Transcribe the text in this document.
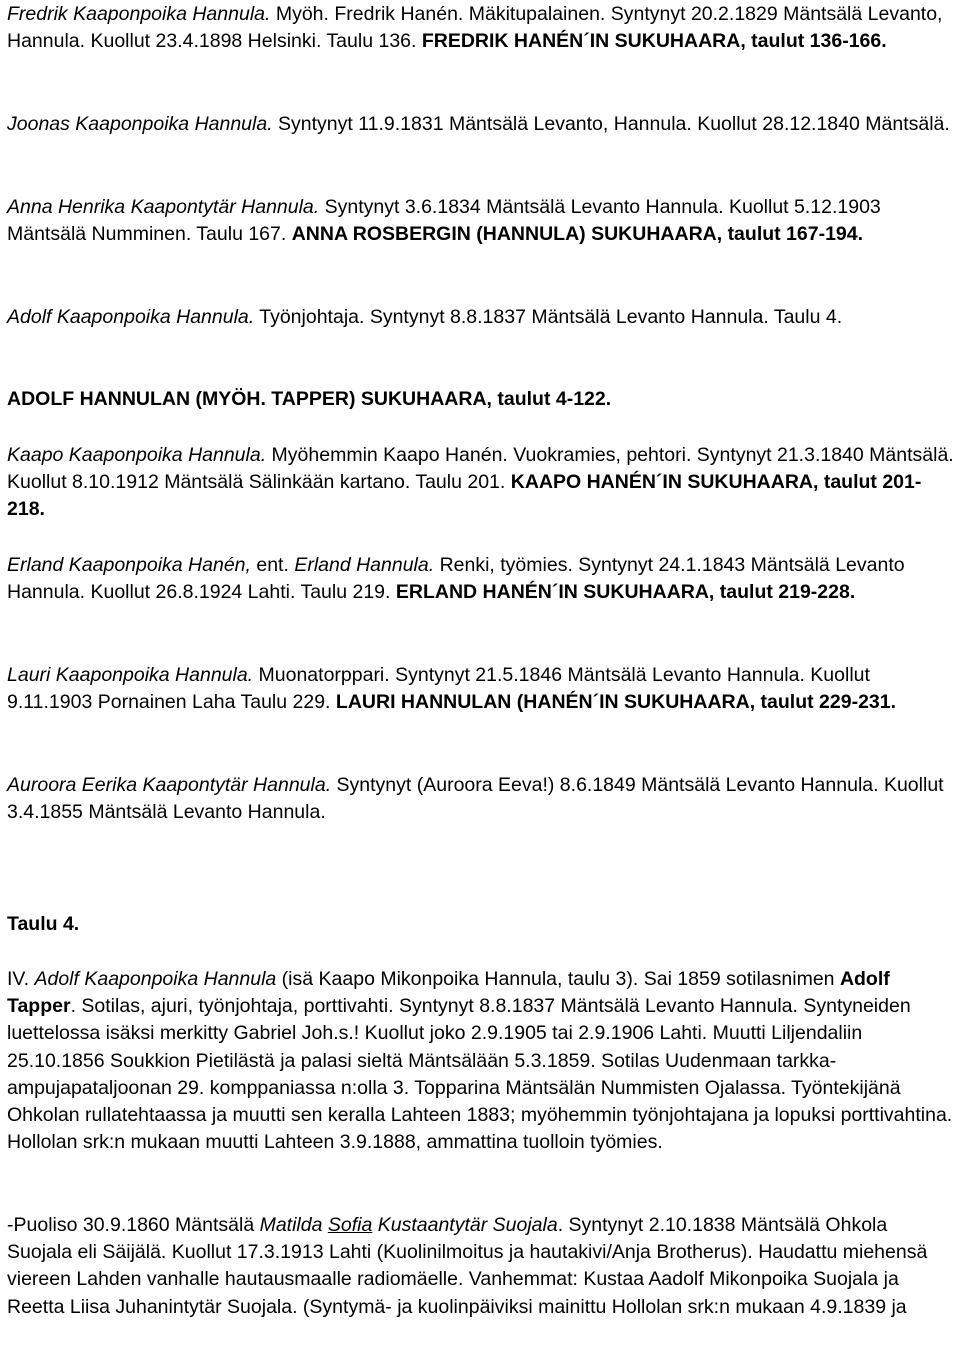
Fredrik Kaaponpoika Hannula. Myöh. Fredrik Hanén. Mäkitupalainen. Syntynyt 20.2.1829 Mäntsälä Levanto, Hannula. Kuollut 23.4.1898 Helsinki. Taulu 136. FREDRIK HANÉN´IN SUKUHAARA, taulut 136-166.

Joonas Kaaponpoika Hannula. Syntynyt 11.9.1831 Mäntsälä Levanto, Hannula. Kuollut 28.12.1840 Mäntsälä.

Anna Henrika Kaapontytär Hannula. Syntynyt 3.6.1834 Mäntsälä Levanto Hannula. Kuollut 5.12.1903 Mäntsälä Numminen. Taulu 167. ANNA ROSBERGIN (HANNULA) SUKUHAARA, taulut 167-194.

Adolf Kaaponpoika Hannula. Työnjohtaja. Syntynyt 8.8.1837 Mäntsälä Levanto Hannula. Taulu 4.

ADOLF HANNULAN (MYÖH. TAPPER) SUKUHAARA, taulut 4-122.

Kaapo Kaaponpoika Hannula. Myöhemmin Kaapo Hanén. Vuokramies, pehtori. Syntynyt 21.3.1840 Mäntsälä. Kuollut 8.10.1912 Mäntsälä Sälinkään kartano. Taulu 201. KAAPO HANÉN´IN SUKUHAARA, taulut 201-218.

Erland Kaaponpoika Hanén, ent. Erland Hannula. Renki, työmies. Syntynyt 24.1.1843 Mäntsälä Levanto Hannula. Kuollut 26.8.1924 Lahti. Taulu 219. ERLAND HANÉN´IN SUKUHAARA, taulut 219-228.

Lauri Kaaponpoika Hannula. Muonatorppari. Syntynyt 21.5.1846 Mäntsälä Levanto Hannula. Kuollut 9.11.1903 Pornainen Laha Taulu 229. LAURI HANNULAN (HANÉN´IN SUKUHAARA, taulut 229-231.

Auroora Eerika Kaapontytär Hannula. Syntynyt (Auroora Eeva!) 8.6.1849 Mäntsälä Levanto Hannula. Kuollut 3.4.1855 Mäntsälä Levanto Hannula.

Taulu 4.

IV. Adolf Kaaponpoika Hannula (isä Kaapo Mikonpoika Hannula, taulu 3). Sai 1859 sotilasnimen Adolf Tapper. Sotilas, ajuri, työnjohtaja, porttivahti. Syntynyt 8.8.1837 Mäntsälä Levanto Hannula. Syntyneiden luettelossa isäksi merkitty Gabriel Joh.s.! Kuollut joko 2.9.1905 tai 2.9.1906 Lahti. Muutti Liljendaliin 25.10.1856 Soukkion Pietilästä ja palasi sieltä Mäntsälään 5.3.1859. Sotilas Uudenmaan tarkka-ampujapataljoonan 29. komppaniassa n:olla 3. Topparina Mäntsälän Nummisten Ojalassa. Työntekijänä Ohkolan rullatehtaassa ja muutti sen keralla Lahteen 1883; myöhemmin työnjohtajana ja lopuksi porttivahtina. Hollolan srk:n mukaan muutti Lahteen 3.9.1888, ammattina tuolloin työmies.

-Puoliso 30.9.1860 Mäntsälä Matilda Sofia Kustaantytär Suojala. Syntynyt 2.10.1838 Mäntsälä Ohkola Suojala eli Säijälä. Kuollut 17.3.1913 Lahti (Kuolinilmoitus ja hautakivi/Anja Brotherus). Haudattu miehensä viereen Lahden vanhalle hautausmaalle radiomäelle. Vanhemmat: Kustaa Aadolf Mikonpoika Suojala ja Reetta Liisa Juhanintytär Suojala. (Syntymä- ja kuolinpäiviksi mainittu Hollolan srk:n mukaan 4.9.1839 ja
